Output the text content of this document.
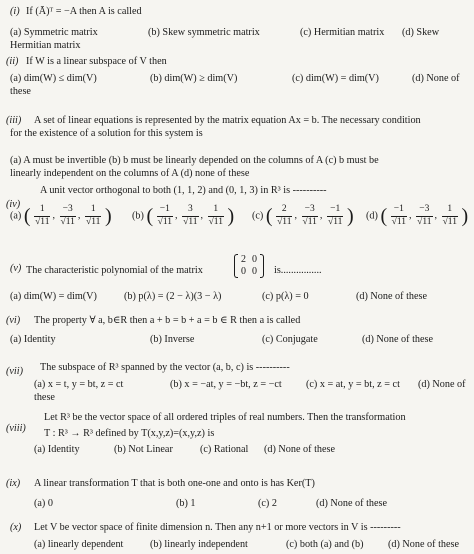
(i) If (Ā)ᵀ = −A then A is called
(a) Symmetric matrix	(b) Skew symmetric matrix	(c) Hermitian matrix (d) Skew
Hermitian matrix
(ii) If W is a linear subspace of V then
(a) dim(W) ≤ dim(V)	(b) dim(W) ≥ dim(V)	(c) dim(W) = dim(V)	(d) None of
these
(iii) A set of linear equations is represented by the matrix equation Ax = b. The necessary condition
for the existence of a solution for this system is
(a) A must be invertible (b) b must be linearly depended on the columns of A (c) b must be
linearly independent on the columns of A (d) none of these
A unit vector orthogonal to both (1, 1, 2) and (0, 1, 3) in R³ is ----------
(iv)
(a) ( $\frac{1}{√11}$ , $\frac{-3}{√11}$ , $\frac{1}{√11}$ ) (b) ( $\frac{-1}{√11}$ , $\frac{3}{√11}$ , $\frac{1}{√11}$ ) (c) ( $\frac{2}{√11}$ , $\frac{-3}{√11}$ , $\frac{-1}{√11}$ ) (d) ( $\frac{-1}{√11}$ , $\frac{-3}{√11}$ , $\frac{1}{√11}$ )
(v) The characteristic polynomial of the matrix
2	0
0	0 is................
(a) dim(W) = dim(V)	(b) p(λ) = (2 − λ)(3 − λ)	(c) p(λ) = 0	(d) None of these
(vi) The property ∀ a, b∈R then a + b = b + a = b ∈ R then a is called
(a) Identity	(b) Inverse	(c) Conjugate	(d) None of these
(vii) The subspace of R³ spanned by the vector (a, b, c) is ----------
(a) x = t, y = bt, z = ct	(b) x = −at, y = −bt, z = −ct (c) x = at, y = bt, z = ct (d) None of
these
Let R³ be the vector space of all ordered triples of real numbers. Then the transformation
(viii) T : R³ → R³ defined by T(x,y,z)=(x,y,z) is
(a) Identity	(b) Not Linear	(c) Rational (d) None of these
(ix) A linear transformation T that is both one-one and onto is has Ker(T)
(a) 0	(b) 1	(c) 2	(d) None of these
(x) Let V be vector space of finite dimension n. Then any n+1 or more vectors in V is ---------
(a) linearly dependent	(b) linearly independent	(c) both (a) and (b) (d) None of these
